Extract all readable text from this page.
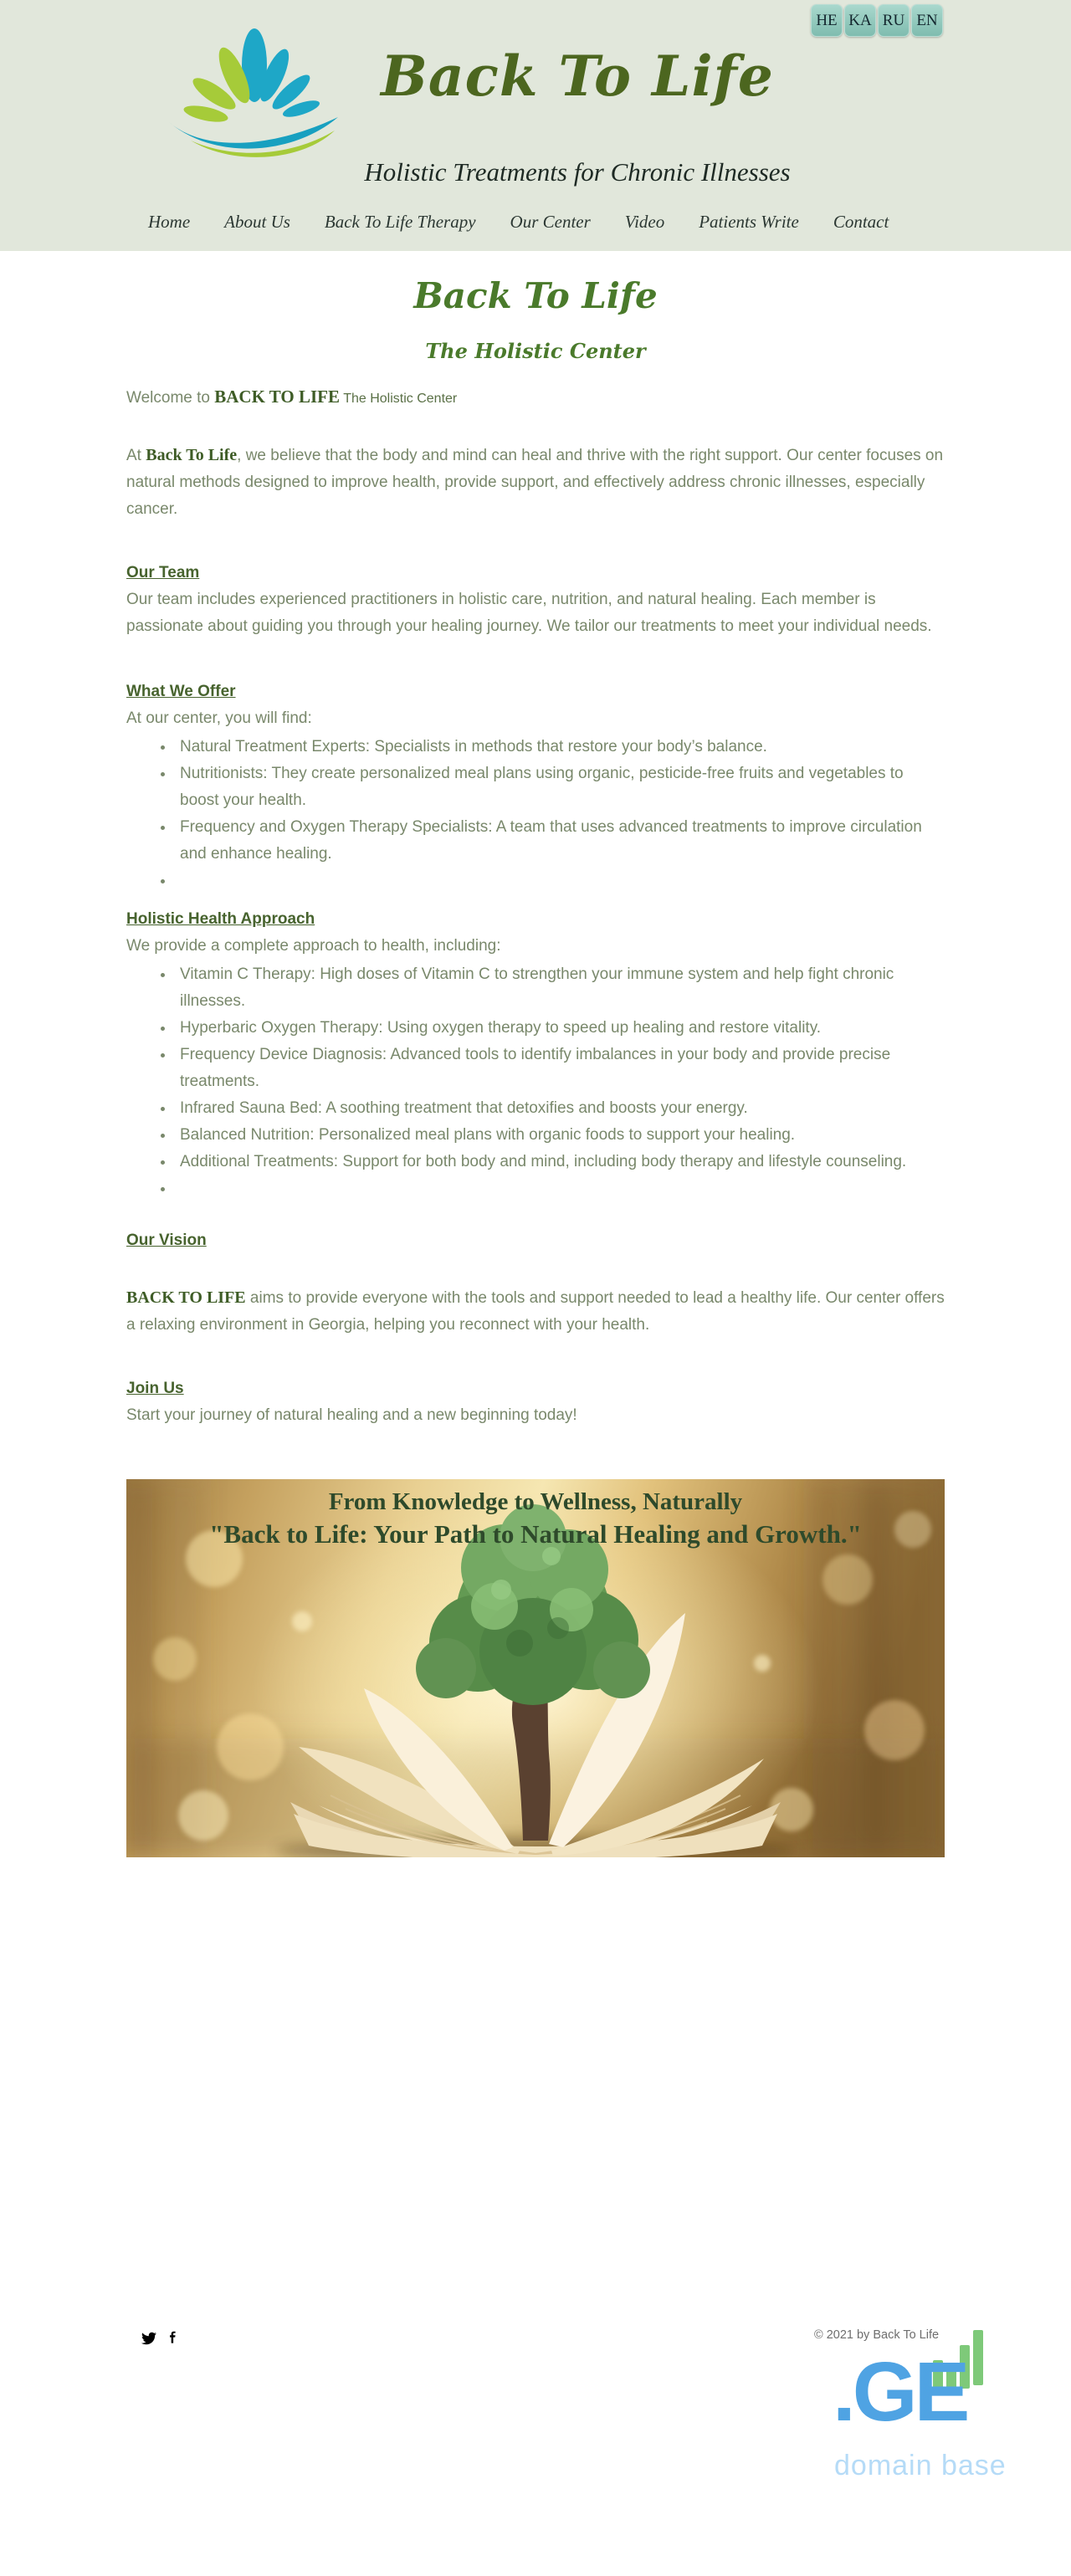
HE KA RU EN
Back To Life
Holistic Treatments for Chronic Illnesses
Home About Us Back To Life Therapy Our Center Video Patients Write Contact
Back To Life
The Holistic Center

Welcome to BACK TO LIFE The Holistic Center

At Back To Life, we believe that the body and mind can heal and thrive with the right support. Our center focuses on natural methods designed to improve health, provide support, and effectively address chronic illnesses, especially cancer.

Our Team

Our team includes experienced practitioners in holistic care, nutrition, and natural healing. Each member is passionate about guiding you through your healing journey. We tailor our treatments to meet your individual needs.

What We Offer

At our center, you will find:

• Natural Treatment Experts: Specialists in methods that restore your body’s balance.
• Nutritionists: They create personalized meal plans using organic, pesticide-free fruits and vegetables to boost your health.
• Frequency and Oxygen Therapy Specialists: A team that uses advanced treatments to improve circulation and enhance healing.
•
Holistic Health Approach

We provide a complete approach to health, including:

• Vitamin C Therapy: High doses of Vitamin C to strengthen your immune system and help fight chronic illnesses.
• Hyperbaric Oxygen Therapy: Using oxygen therapy to speed up healing and restore vitality.
• Frequency Device Diagnosis: Advanced tools to identify imbalances in your body and provide precise treatments.
• Infrared Sauna Bed: A soothing treatment that detoxifies and boosts your energy.
• Balanced Nutrition: Personalized meal plans with organic foods to support your healing.
• Additional Treatments: Support for both body and mind, including body therapy and lifestyle counseling.
•
Our Vision

BACK TO LIFE aims to provide everyone with the tools and support needed to lead a healthy life. Our center offers a relaxing environment in Georgia, helping you reconnect with your health.

Join Us

Start your journey of natural healing and a new beginning today!

From Knowledge to Wellness, Naturally
"Back to Life: Your Path to Natural Healing and Growth."
© 2021 by Back To Life
.GE
domain base
